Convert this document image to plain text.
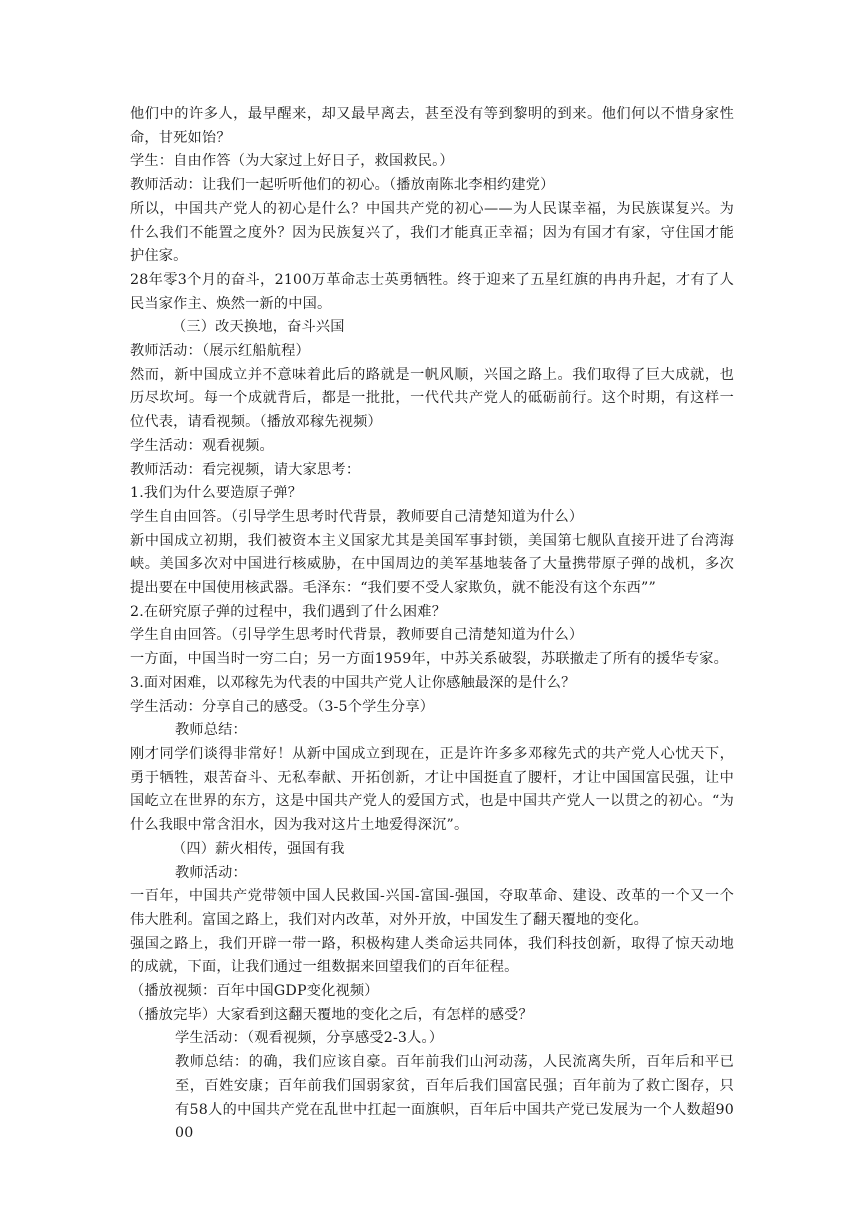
他们中的许多人，最早醒来，却又最早离去，甚至没有等到黎明的到来。他们何以不惜身家性命，甘死如饴？

学生：自由作答（为大家过上好日子，救国救民。）

教师活动：让我们一起听听他们的初心。（播放南陈北李相约建党）

所以，中国共产党人的初心是什么？中国共产党的初心——为人民谋幸福，为民族谋复兴。为什么我们不能置之度外？因为民族复兴了，我们才能真正幸福；因为有国才有家，守住国才能护住家。

28年零3个月的奋斗，2100万革命志士英勇牺牲。终于迎来了五星红旗的冉冉升起，才有了人民当家作主、焕然一新的中国。

（三）改天换地，奋斗兴国

教师活动：（展示红船航程）

然而，新中国成立并不意味着此后的路就是一帆风顺，兴国之路上。我们取得了巨大成就，也历尽坎坷。每一个成就背后，都是一批批，一代代共产党人的砥砺前行。这个时期，有这样一位代表，请看视频。（播放邓稼先视频）

学生活动：观看视频。

教师活动：看完视频，请大家思考：

1.我们为什么要造原子弹？

学生自由回答。（引导学生思考时代背景，教师要自己清楚知道为什么）

新中国成立初期，我们被资本主义国家尤其是美国军事封锁，美国第七舰队直接开进了台湾海峡。美国多次对中国进行核威胁，在中国周边的美军基地装备了大量携带原子弹的战机，多次提出要在中国使用核武器。毛泽东：“我们要不受人家欺负，就不能没有这个东西””

2.在研究原子弹的过程中，我们遇到了什么困难？

学生自由回答。（引导学生思考时代背景，教师要自己清楚知道为什么）

一方面，中国当时一穷二白；另一方面1959年，中苏关系破裂，苏联撤走了所有的援华专家。

3.面对困难，以邓稼先为代表的中国共产党人让你感触最深的是什么？

学生活动：分享自己的感受。（3-5个学生分享）

教师总结：

刚才同学们谈得非常好！从新中国成立到现在，正是许许多多邓稼先式的共产党人心忧天下，勇于牺牲，艰苦奋斗、无私奉献、开拓创新，才让中国挺直了腰杆，才让中国国富民强，让中国屹立在世界的东方，这是中国共产党人的爱国方式，也是中国共产党人一以贯之的初心。“为什么我眼中常含泪水，因为我对这片土地爱得深沉”。

（四）薪火相传，强国有我

教师活动：

一百年，中国共产党带领中国人民救国-兴国-富国-强国，夺取革命、建设、改革的一个又一个伟大胜利。富国之路上，我们对内改革，对外开放，中国发生了翻天覆地的变化。

强国之路上，我们开辟一带一路，积极构建人类命运共同体，我们科技创新，取得了惊天动地的成就，下面，让我们通过一组数据来回望我们的百年征程。

（播放视频：百年中国GDP变化视频）

（播放完毕）大家看到这翻天覆地的变化之后，有怎样的感受？

学生活动：（观看视频，分享感受2-3人。）

教师总结：的确，我们应该自豪。百年前我们山河动荡，人民流离失所，百年后和平已至，百姓安康；百年前我们国弱家贫，百年后我们国富民强；百年前为了救亡图存，只有58人的中国共产党在乱世中扛起一面旗帜，百年后中国共产党已发展为一个人数超9000
